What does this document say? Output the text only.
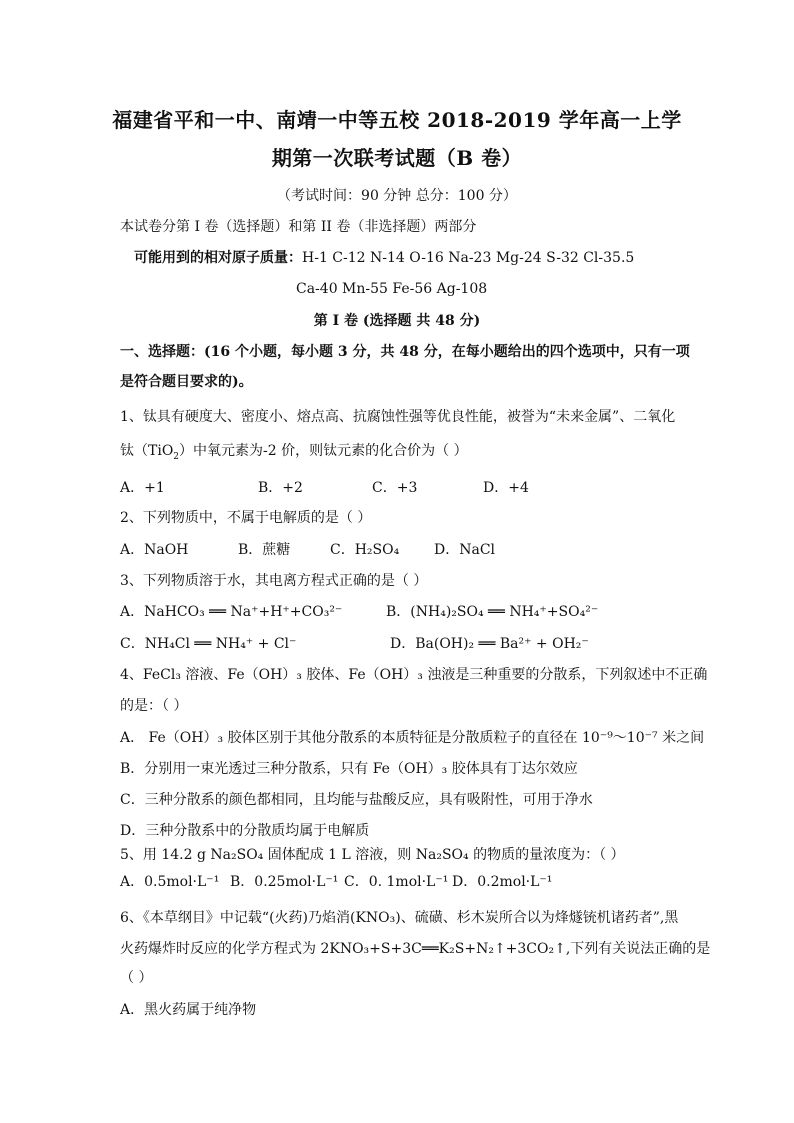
福建省平和一中、南靖一中等五校 2018-2019 学年高一上学
期第一次联考试题（B 卷）
（考试时间：90 分钟 总分：100 分）
本试卷分第 I 卷（选择题）和第 II 卷（非选择题）两部分
可能用到的相对原子质量：H-1 C-12 N-14 O-16 Na-23 Mg-24 S-32 Cl-35.5
Ca-40 Mn-55 Fe-56 Ag-108
第 I 卷 (选择题 共 48 分)
一、选择题：(16 个小题，每小题 3 分，共 48 分，在每小题给出的四个选项中，只有一项
是符合题目要求的)。
1、钛具有硬度大、密度小、熔点高、抗腐蚀性强等优良性能，被誉为“未来金属”、二氧化
钛（TiO$_2$）中氧元素为-2 价，则钛元素的化合价为（ ）
A．+1	B．+2	C．+3	D．+4
2、下列物质中，不属于电解质的是（ ）
A．NaOH	B．蔗糖	C．H₂SO₄ D．NaCl
3、下列物质溶于水，其电离方程式正确的是（ ）
A．NaHCO₃ ══ Na⁺+H⁺+CO₃²⁻	B．(NH₄)₂SO₄ ══ NH₄⁺+SO₄²⁻
C．NH₄Cl ══ NH₄⁺ + Cl⁻	D．Ba(OH)₂ ══ Ba²⁺ + OH₂⁻
4、FeCl₃ 溶液、Fe（OH）₃ 胶体、Fe（OH）₃ 浊液是三种重要的分散系，下列叙述中不正确
的是：（ ）
A． Fe（OH）₃ 胶体区别于其他分散系的本质特征是分散质粒子的直径在 10⁻⁹～10⁻⁷ 米之间
B．分别用一束光透过三种分散系，只有 Fe（OH）₃ 胶体具有丁达尔效应
C．三种分散系的颜色都相同，且均能与盐酸反应，具有吸附性，可用于净水
D．三种分散系中的分散质均属于电解质
5、用 14.2 g Na₂SO₄ 固体配成 1 L 溶液，则 Na₂SO₄ 的物质的量浓度为：（ ）
A．0.5mol·L⁻¹ B．0.25mol·L⁻¹ C．0. 1mol·L⁻¹ D．0.2mol·L⁻¹
6、《本草纲目》中记载“(火药)乃焰消(KNO₃)、硫磺、杉木炭所合以为烽燧铳机诸药者”,黑
火药爆炸时反应的化学方程式为 2KNO₃+S+3C══K₂S+N₂↑+3CO₂↑,下列有关说法正确的是
（ ）
A．黑火药属于纯净物
